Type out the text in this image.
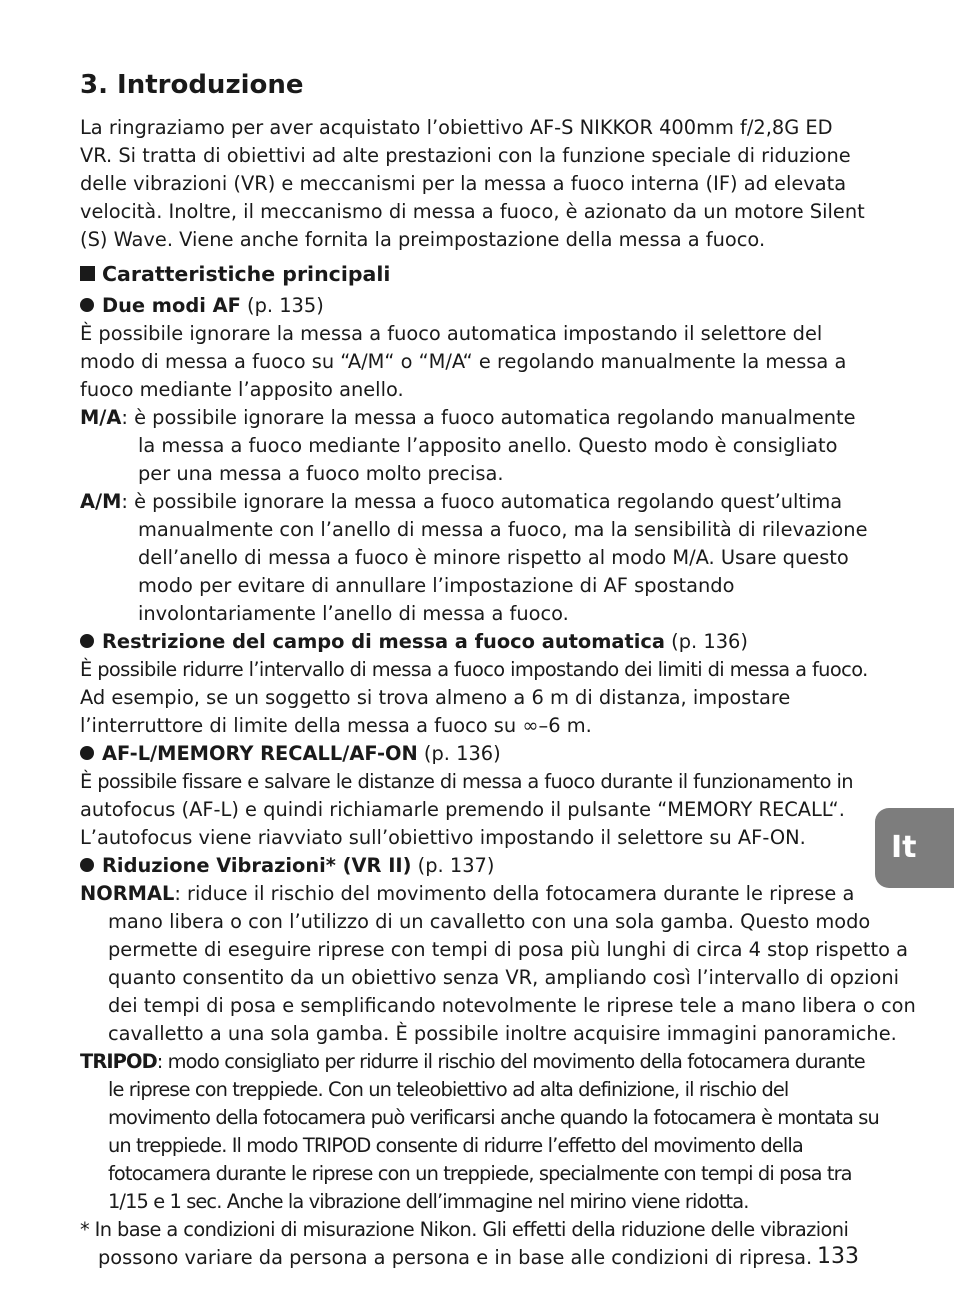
3. Introduzione
La ringraziamo per aver acquistato l’obiettivo AF-S NIKKOR 400mm f/2,8G ED
VR. Si tratta di obiettivi ad alte prestazioni con la funzione speciale di riduzione
delle vibrazioni (VR) e meccanismi per la messa a fuoco interna (IF) ad elevata
velocità. Inoltre, il meccanismo di messa a fuoco, è azionato da un motore Silent
(S) Wave. Viene anche fornita la preimpostazione della messa a fuoco.
Caratteristiche principali
Due modi AF (p. 135)
È possibile ignorare la messa a fuoco automatica impostando il selettore del
modo di messa a fuoco su “A/M“ o “M/A“ e regolando manualmente la messa a
fuoco mediante l’apposito anello.
M/A: è possibile ignorare la messa a fuoco automatica regolando manualmente
la messa a fuoco mediante l’apposito anello. Questo modo è consigliato
per una messa a fuoco molto precisa.
A/M: è possibile ignorare la messa a fuoco automatica regolando quest’ultima
manualmente con l’anello di messa a fuoco, ma la sensibilità di rilevazione
dell’anello di messa a fuoco è minore rispetto al modo M/A. Usare questo
modo per evitare di annullare l’impostazione di AF spostando
involontariamente l’anello di messa a fuoco.
Restrizione del campo di messa a fuoco automatica (p. 136)
È possibile ridurre l’intervallo di messa a fuoco impostando dei limiti di messa a fuoco.
Ad esempio, se un soggetto si trova almeno a 6 m di distanza, impostare
l’interruttore di limite della messa a fuoco su ∞–6 m.
AF-L/MEMORY RECALL/AF-ON (p. 136)
È possibile fissare e salvare le distanze di messa a fuoco durante il funzionamento in
autofocus (AF-L) e quindi richiamarle premendo il pulsante “MEMORY RECALL“.
L’autofocus viene riavviato sull’obiettivo impostando il selettore su AF-ON.
Riduzione Vibrazioni* (VR II) (p. 137)
NORMAL: riduce il rischio del movimento della fotocamera durante le riprese a
mano libera o con l’utilizzo di un cavalletto con una sola gamba. Questo modo
permette di eseguire riprese con tempi di posa più lunghi di circa 4 stop rispetto a
quanto consentito da un obiettivo senza VR, ampliando così l’intervallo di opzioni
dei tempi di posa e semplificando notevolmente le riprese tele a mano libera o con
cavalletto a una sola gamba. È possibile inoltre acquisire immagini panoramiche.
TRIPOD: modo consigliato per ridurre il rischio del movimento della fotocamera durante
le riprese con treppiede. Con un teleobiettivo ad alta definizione, il rischio del
movimento della fotocamera può verificarsi anche quando la fotocamera è montata su
un treppiede. Il modo TRIPOD consente di ridurre l’effetto del movimento della
fotocamera durante le riprese con un treppiede, specialmente con tempi di posa tra
1/15 e 1 sec. Anche la vibrazione dell’immagine nel mirino viene ridotta.
* In base a condizioni di misurazione Nikon. Gli effetti della riduzione delle vibrazioni
possono variare da persona a persona e in base alle condizioni di ripresa. 133
It
